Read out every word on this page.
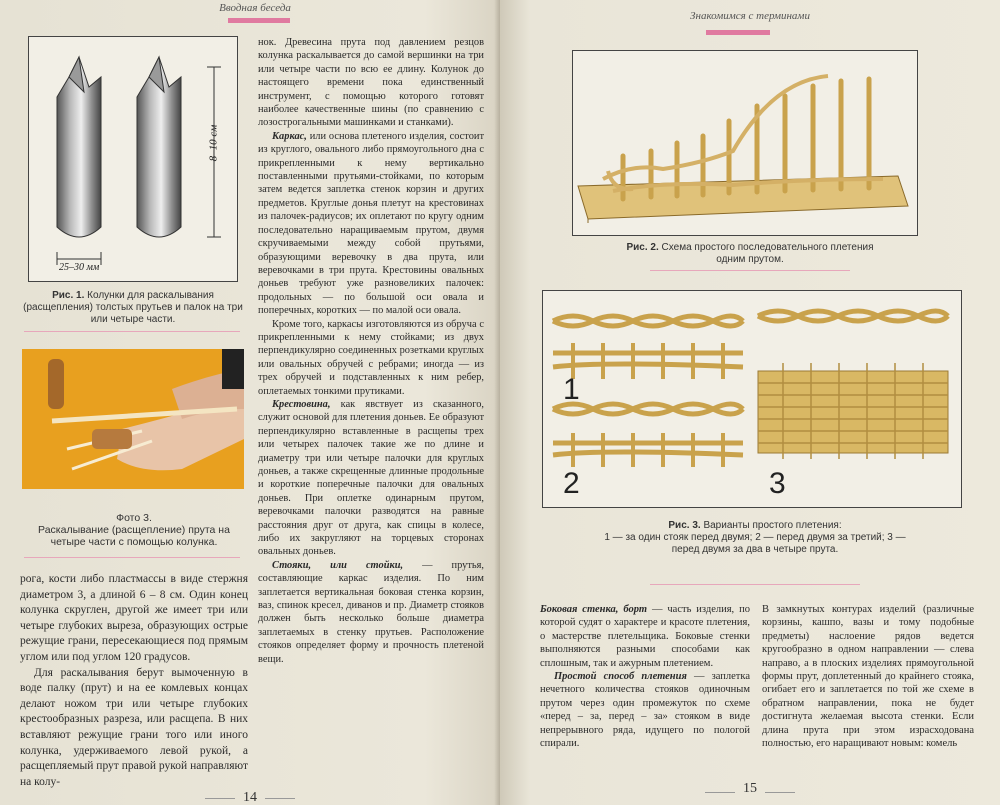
Вводная беседа
8–10 см
25–30 мм
Рис. 1. Колунки для раскалывания (расщепления) толстых прутьев и палок на три или четыре части.
Фото 3.
Раскалывание (расщепление) прута на четыре части с помощью колунка.

рога, кости либо пластмассы в виде стержня диаметром 3, а длиной 6 – 8 см. Один конец колунка скруглен, другой же имеет три или четыре глубоких выреза, образующих острые режущие грани, пересекающиеся под прямым углом или под углом 120 градусов.

Для раскалывания берут вымоченную в воде палку (прут) и на ее комлевых концах делают ножом три или четыре глубоких крестообразных разреза, или расщепа. В них вставляют режущие грани того или иного колунка, удерживаемого левой рукой, а расщепляемый прут правой рукой направляют на колу-

нок. Древесина прута под давлением резцов колунка раскалывается до самой вершинки на три или четыре части по всю ее длину. Колунок до настоящего времени пока единственный инструмент, с помощью которого готовят наиболее качественные шины (по сравнению с лозострогальными машинками и станками).

Каркас, или основа плетеного изделия, состоит из круглого, овального либо прямоугольного дна с прикрепленными к нему вертикально поставленными прутьями-стойками, по которым затем ведется заплетка стенок корзин и других предметов. Круглые донья плетут на крестовинах из палочек-радиусов; их оплетают по кругу одним последовательно наращиваемым прутом, двумя скручиваемыми между собой прутьями, образующими веревочку в два прута, или веревочками в три прута. Крестовины овальных доньев требуют уже разновеликих палочек: продольных — по большой оси овала и поперечных, коротких — по малой оси овала.

Кроме того, каркасы изготовляются из обруча с прикрепленными к нему стойками; из двух перпендикулярно соединенных розетками круглых или овальных обручей с ребрами; иногда — из трех обручей и подставленных к ним ребер, оплетаемых тонкими прутиками.

Крестовина, как явствует из сказанного, служит основой для плетения доньев. Ее образуют перпендикулярно вставленные в расщепы трех или четырех палочек такие же по длине и диаметру три или четыре палочки для круглых доньев, а также скрещенные длинные продольные и короткие поперечные палочки для овальных доньев. При оплетке одинарным прутом, веревочками палочки разводятся на равные расстояния друг от друга, как спицы в колесе, либо их закругляют на торцевых сторонах овальных доньев.

Стояки, или стойки, — прутья, составляющие каркас изделия. По ним заплетается вертикальная боковая стенка корзин, ваз, спинок кресел, диванов и пр. Диаметр стояков должен быть несколько больше диаметра заплетаемых в стенку прутьев. Расположение стояков определяет форму и прочность плетеной вещи.

14
Знакомимся с терминами
Рис. 2. Схема простого последовательного плетения одним прутом.
1
2	3
Рис. 3. Варианты простого плетения:
1 — за один стояк перед двумя; 2 — перед двумя за третий; 3 — перед двумя за два в четыре прута.

Боковая стенка, борт — часть изделия, по которой судят о характере и красоте плетения, о мастерстве плетельщика. Боковые стенки выполняются разными способами как сплошным, так и ажурным плетением.

Простой способ плетения — заплетка нечетного количества стояков одиночным прутом через один промежуток по схеме «перед – за, перед – за» стояком в виде непрерывного ряда, идущего по пологой спирали.

В замкнутых контурах изделий (различные корзины, кашпо, вазы и тому подобные предметы) наслоение рядов ведется кругообразно в одном направлении — слева направо, а в плоских изделиях прямоугольной формы прут, доплетенный до крайнего стояка, огибает его и заплетается по той же схеме в обратном направлении, пока не будет достигнута желаемая высота стенки. Если длина прута при этом израсходована полностью, его наращивают новым: комель

15
